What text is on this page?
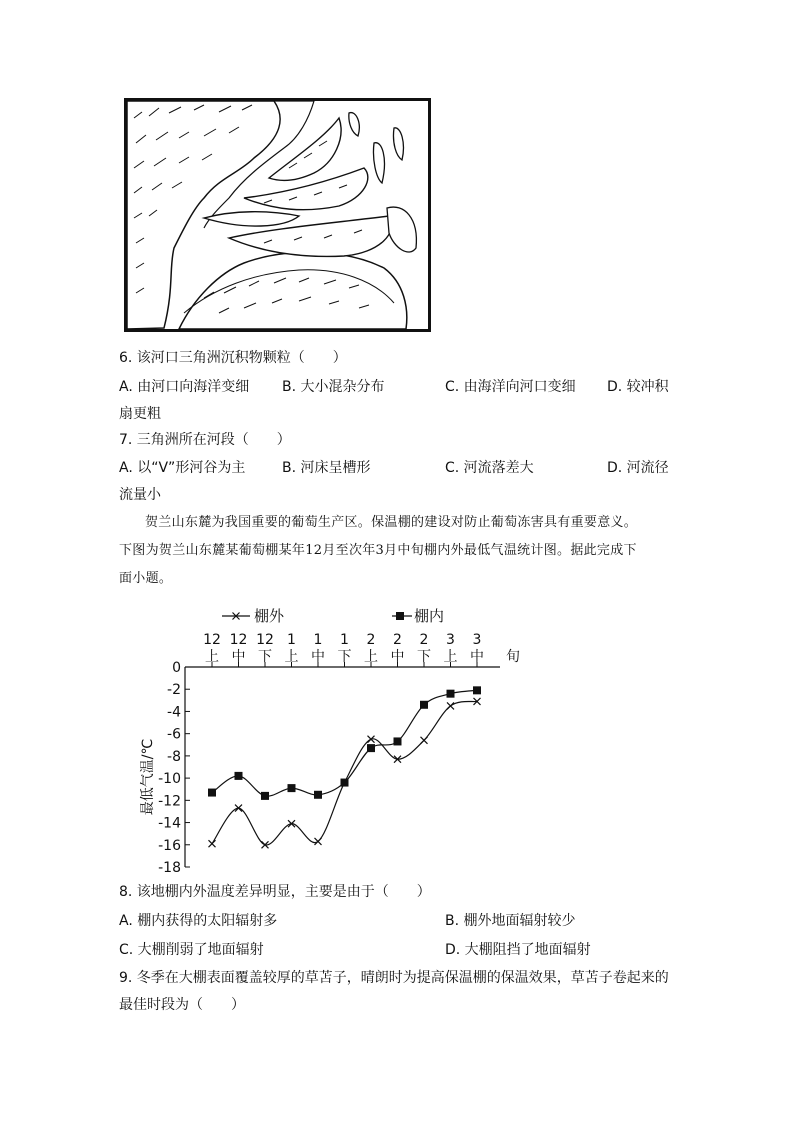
6. 该河口三角洲沉积物颗粒（　　）
A. 由河口向海洋变细 B. 大小混杂分布	C. 由海洋向河口变细 D. 较冲积
扇更粗
7. 三角洲所在河段（　　）
A. 以“V”形河谷为主	B. 河床呈槽形	C. 河流落差大	D. 河流径
流量小
贺兰山东麓为我国重要的葡萄生产区。保温棚的建设对防止葡萄冻害具有重要意义。
下图为贺兰山东麓某葡萄棚某年12月至次年3月中旬棚内外最低气温统计图。据此完成下
面小题。
0
-2
-4
-6
-8
-10
-12
-14
-16
-18
12
上
12
中
12
下
1
上
1
中
1
下
2
上
2
中
2
下
3
上
3
中 旬
最低气温/℃
棚外	棚内
8. 该地棚内外温度差异明显，主要是由于（　　）
A. 棚内获得的太阳辐射多	B. 棚外地面辐射较少
C. 大棚削弱了地面辐射	D. 大棚阻挡了地面辐射
9. 冬季在大棚表面覆盖较厚的草苫子，晴朗时为提高保温棚的保温效果，草苫子卷起来的
最佳时段为（　　）
